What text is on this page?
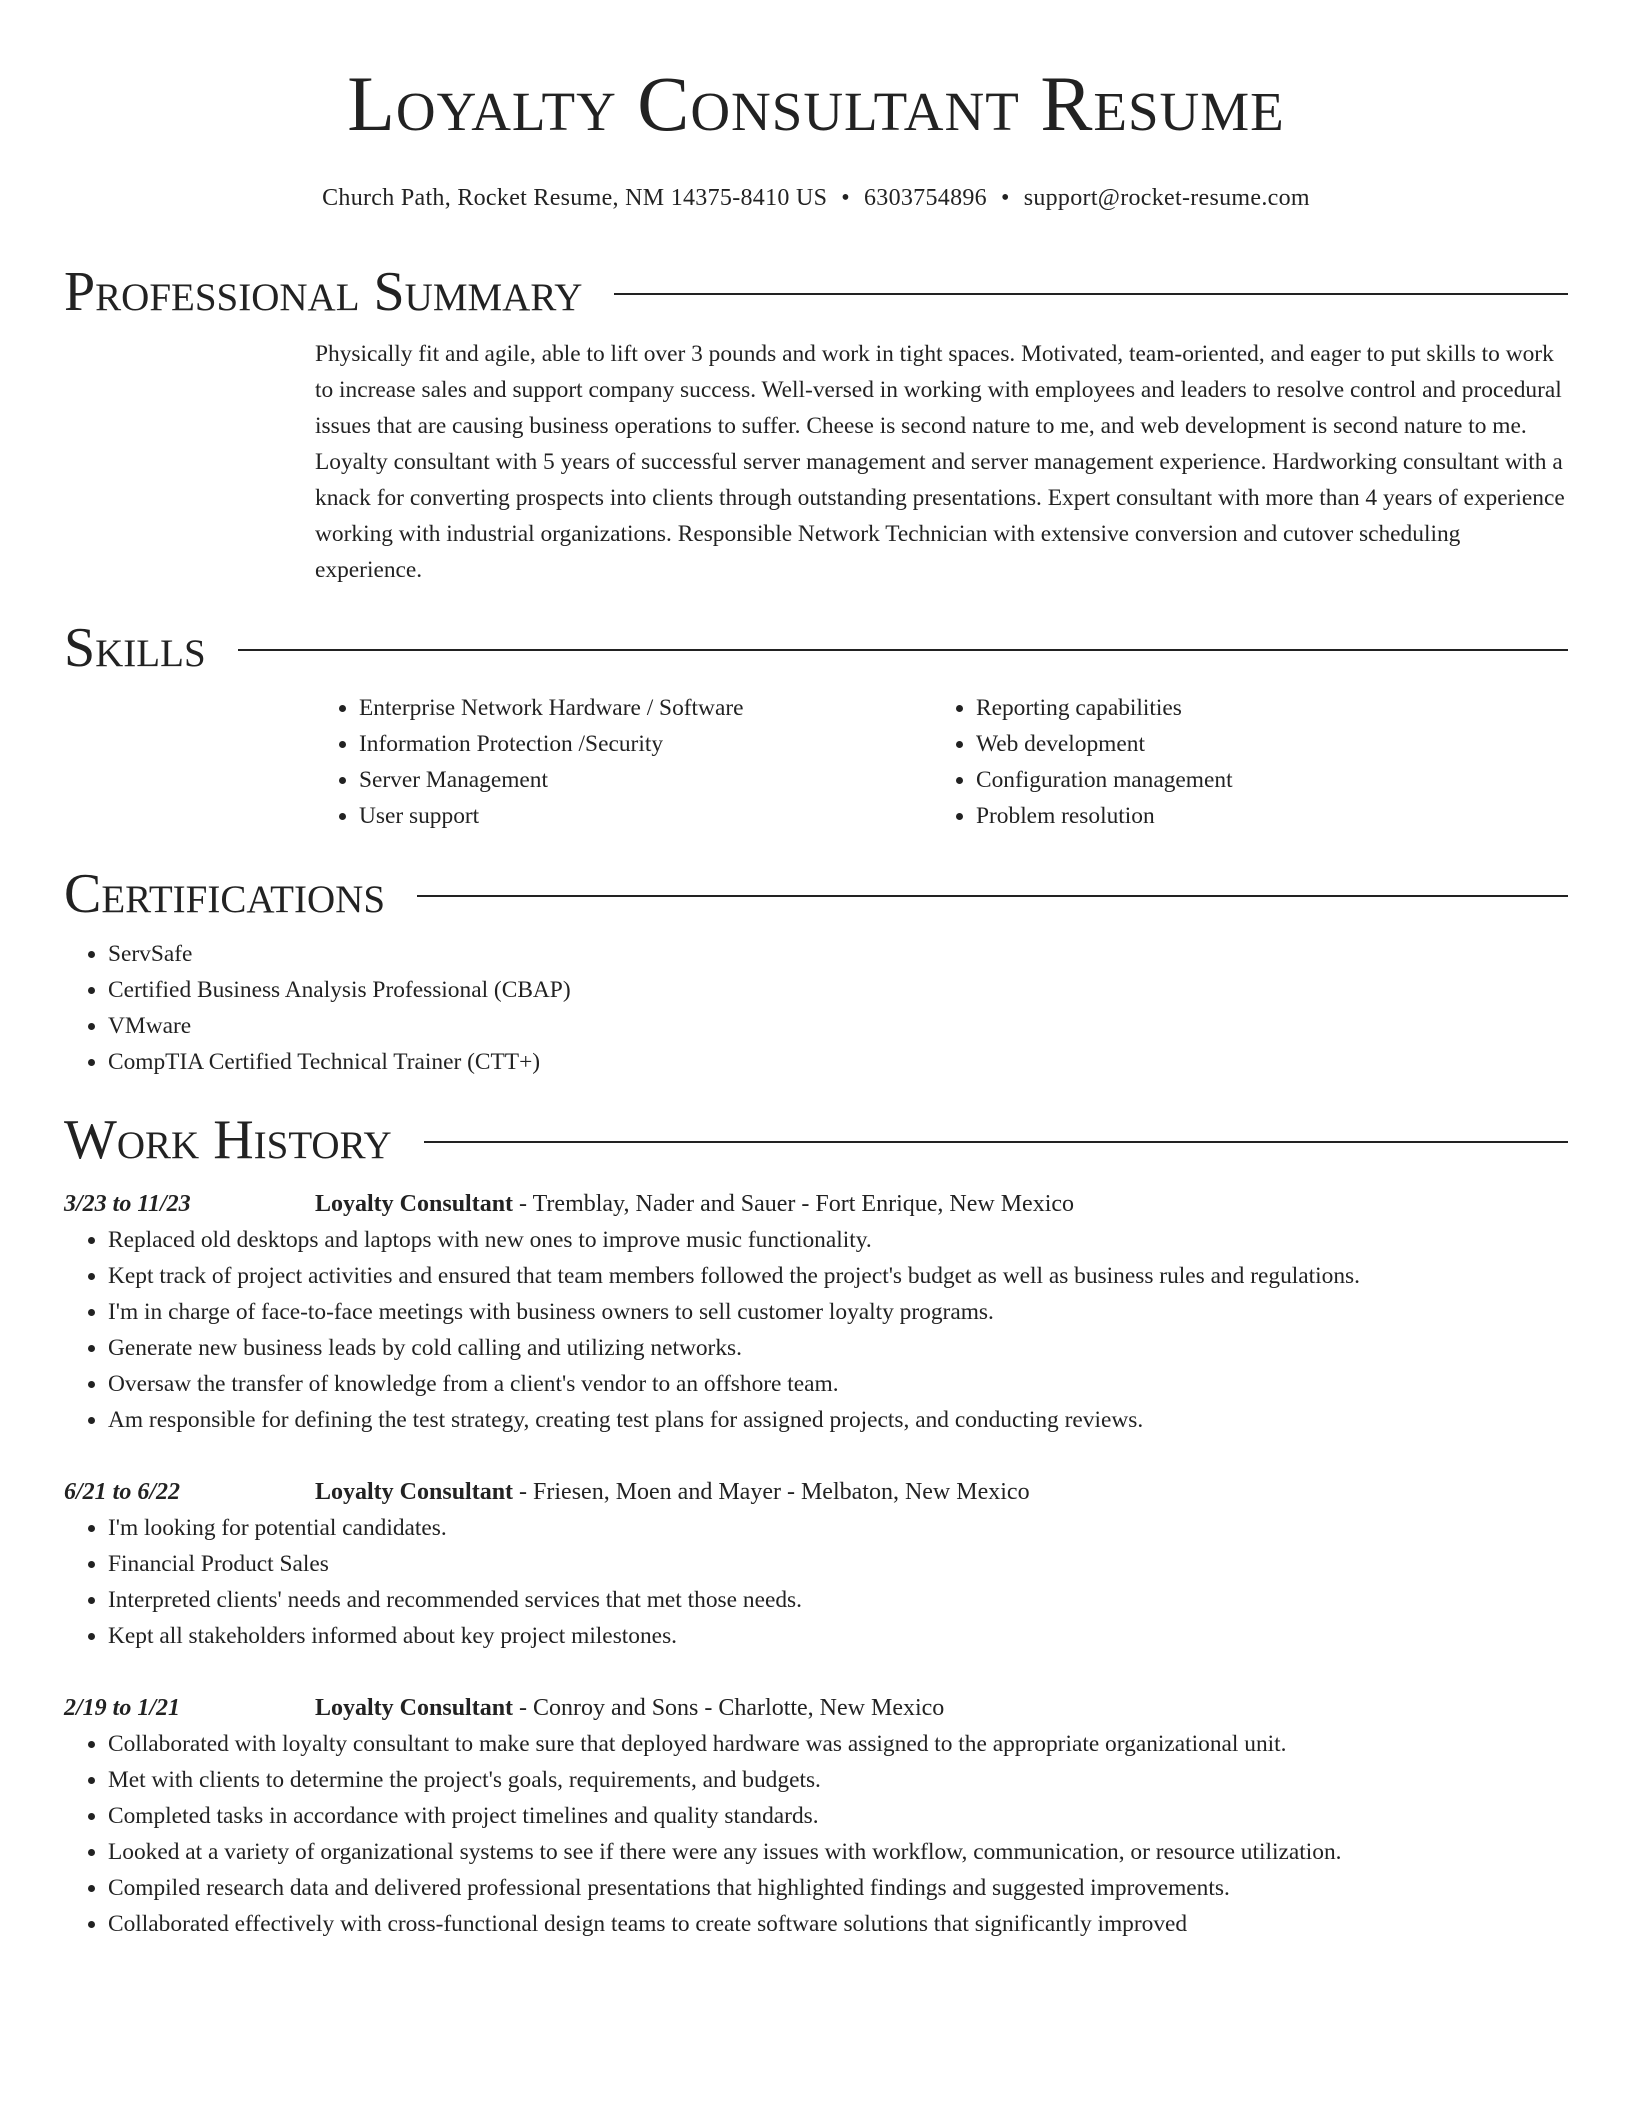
Loyalty Consultant Resume
Church Path, Rocket Resume, NM 14375-8410 US • 6303754896 • support@rocket-resume.com
Professional Summary

Physically fit and agile, able to lift over 3 pounds and work in tight spaces. Motivated, team-oriented, and eager to put skills to work to increase sales and support company success. Well-versed in working with employees and leaders to resolve control and procedural issues that are causing business operations to suffer. Cheese is second nature to me, and web development is second nature to me. Loyalty consultant with 5 years of successful server management and server management experience. Hardworking consultant with a knack for converting prospects into clients through outstanding presentations. Expert consultant with more than 4 years of experience working with industrial organizations. Responsible Network Technician with extensive conversion and cutover scheduling experience.

Skills
• Enterprise Network Hardware / Software
• Information Protection /Security
• Server Management
• User support
• Reporting capabilities
• Web development
• Configuration management
• Problem resolution
Certifications
• ServSafe
• Certified Business Analysis Professional (CBAP)
• VMware
• CompTIA Certified Technical Trainer (CTT+)
Work History
3/23 to 11/23	Loyalty Consultant - Tremblay, Nader and Sauer - Fort Enrique, New Mexico
• Replaced old desktops and laptops with new ones to improve music functionality.
• Kept track of project activities and ensured that team members followed the project's budget as well as business rules and regulations.
• I'm in charge of face-to-face meetings with business owners to sell customer loyalty programs.
• Generate new business leads by cold calling and utilizing networks.
• Oversaw the transfer of knowledge from a client's vendor to an offshore team.
• Am responsible for defining the test strategy, creating test plans for assigned projects, and conducting reviews.
6/21 to 6/22	Loyalty Consultant - Friesen, Moen and Mayer - Melbaton, New Mexico
• I'm looking for potential candidates.
• Financial Product Sales
• Interpreted clients' needs and recommended services that met those needs.
• Kept all stakeholders informed about key project milestones.
2/19 to 1/21	Loyalty Consultant - Conroy and Sons - Charlotte, New Mexico
• Collaborated with loyalty consultant to make sure that deployed hardware was assigned to the appropriate organizational unit.
• Met with clients to determine the project's goals, requirements, and budgets.
• Completed tasks in accordance with project timelines and quality standards.
• Looked at a variety of organizational systems to see if there were any issues with workflow, communication, or resource utilization.
• Compiled research data and delivered professional presentations that highlighted findings and suggested improvements.
• Collaborated effectively with cross-functional design teams to create software solutions that significantly improved
